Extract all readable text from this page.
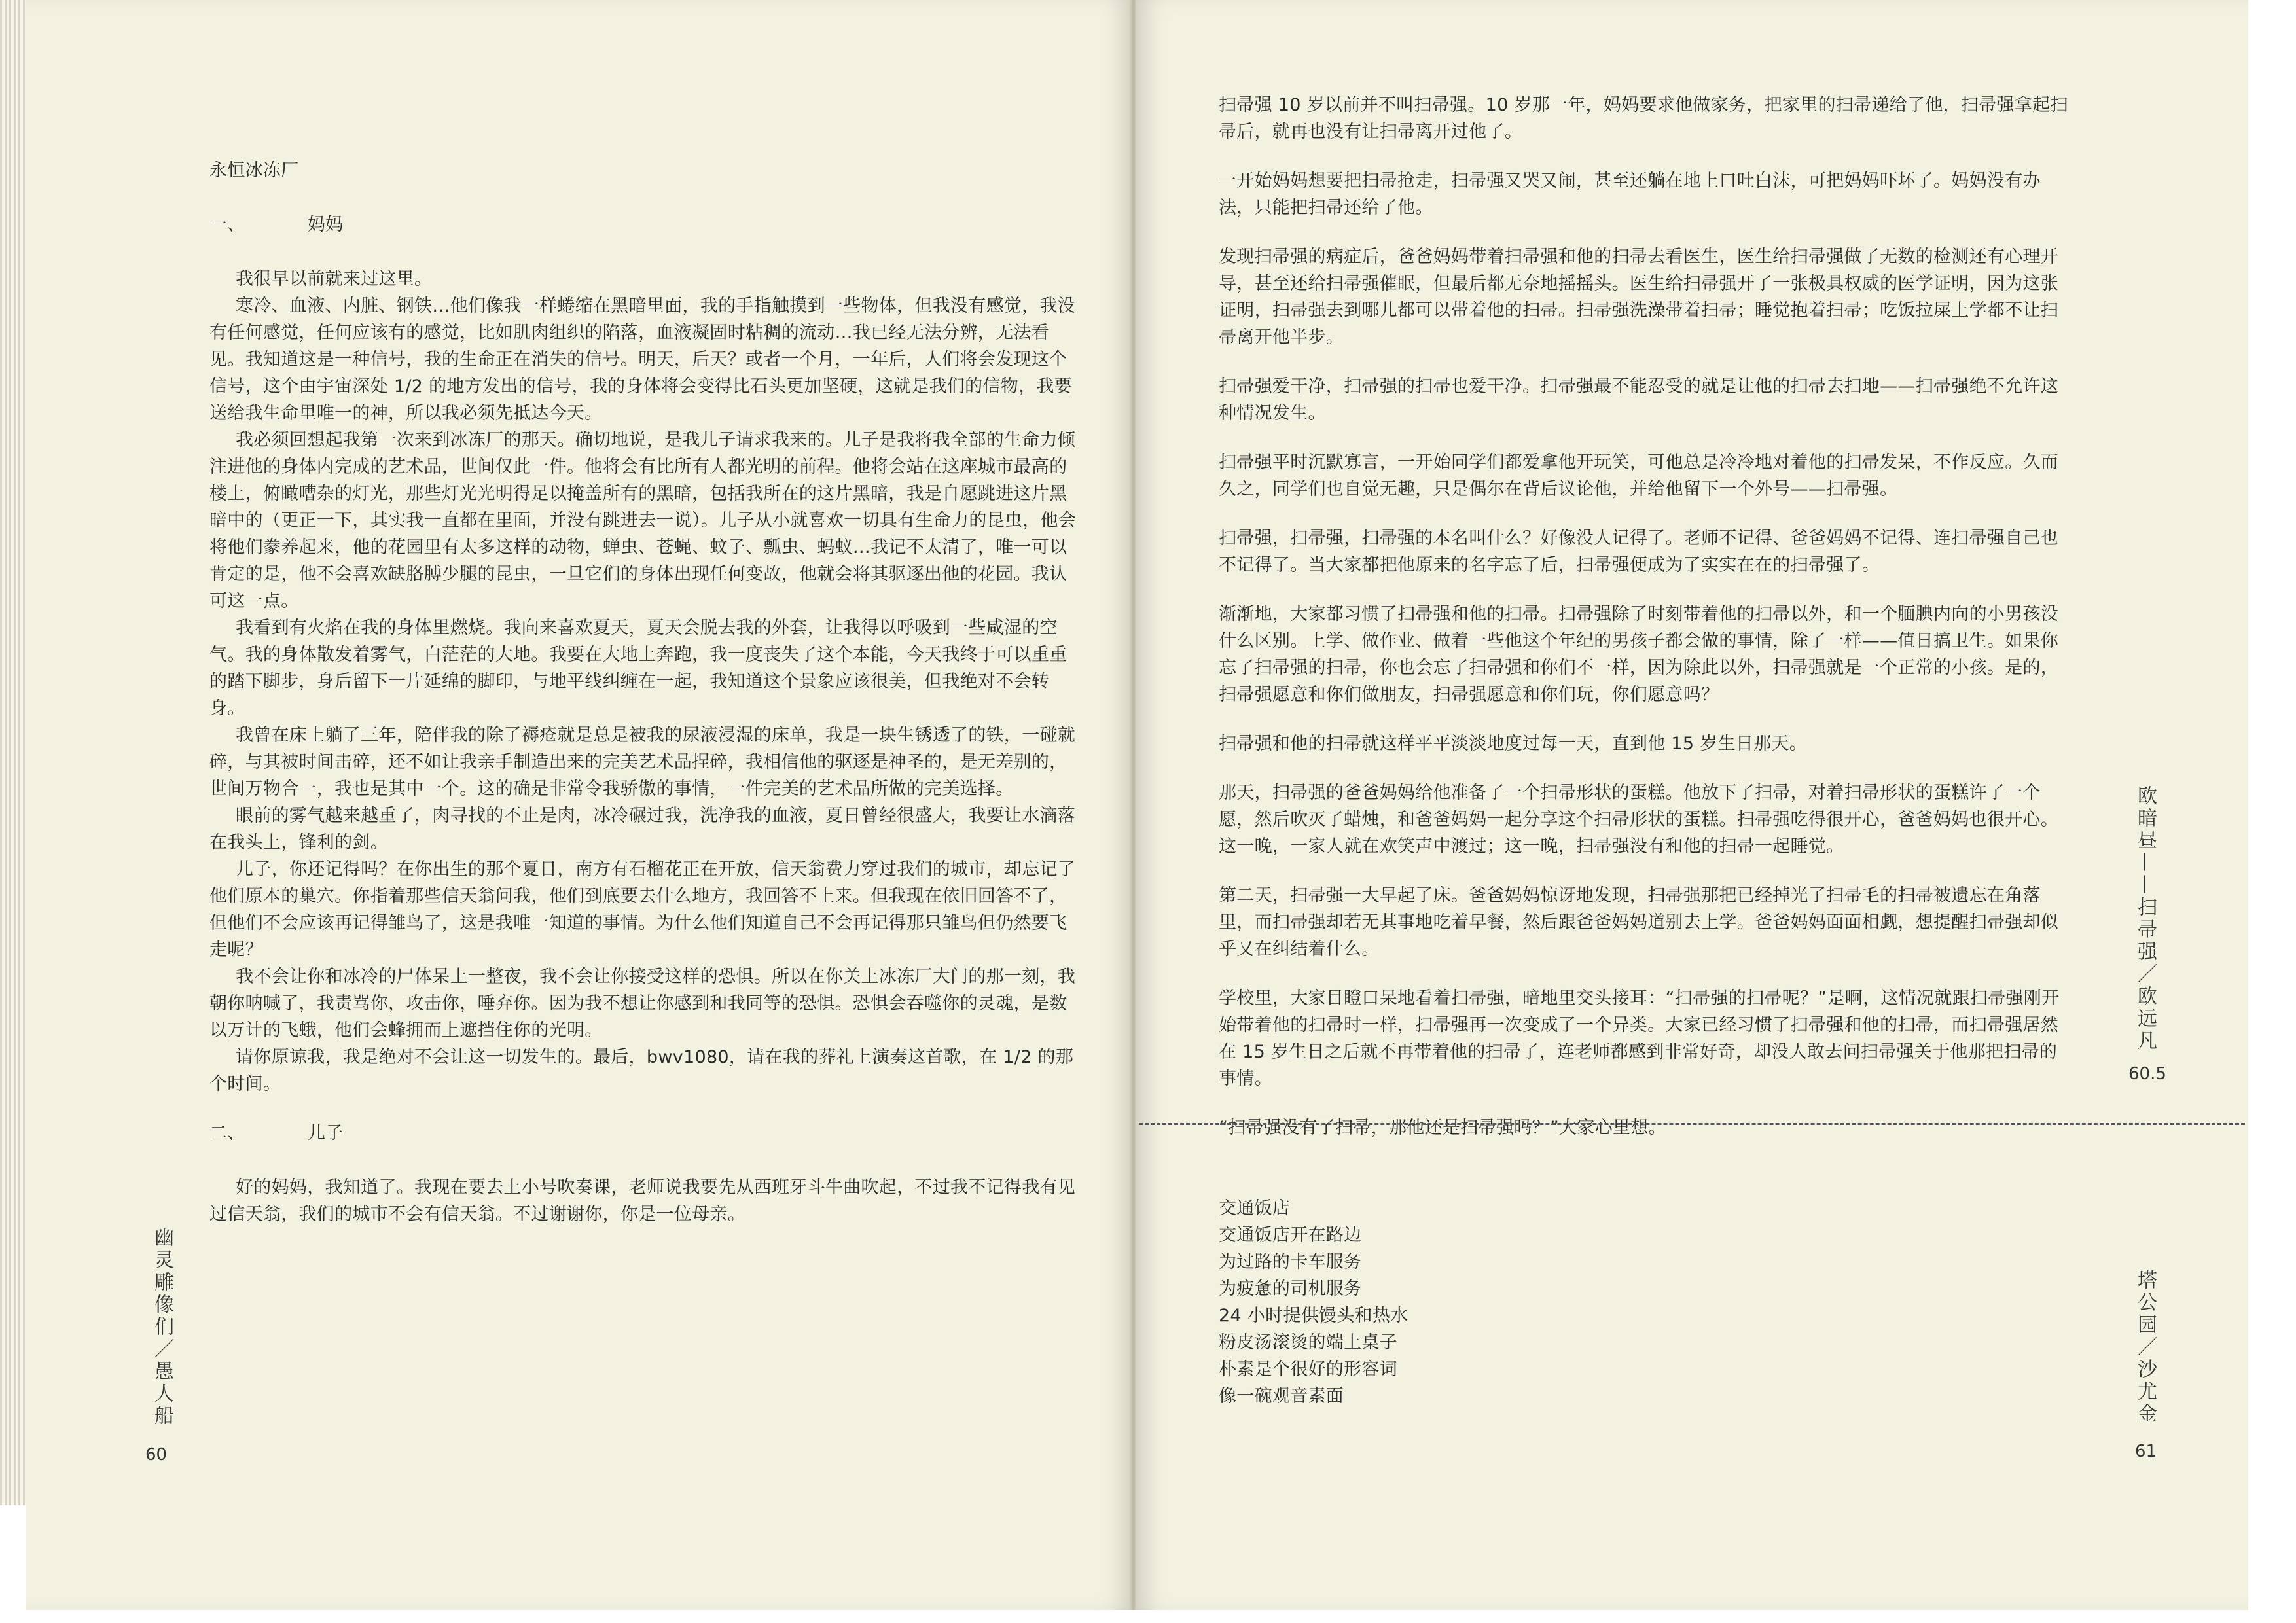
永恒冰冻厂

一、	妈妈

我很早以前就来过这里。

寒冷、血液、内脏、钢铁…他们像我一样蜷缩在黑暗里面，我的手指触摸到一些物体，但我没有感觉，我没有任何感觉，任何应该有的感觉，比如肌肉组织的陷落，血液凝固时粘稠的流动…我已经无法分辨，无法看见。我知道这是一种信号，我的生命正在消失的信号。明天，后天？或者一个月，一年后，人们将会发现这个信号，这个由宇宙深处 1/2 的地方发出的信号，我的身体将会变得比石头更加坚硬，这就是我们的信物，我要送给我生命里唯一的神，所以我必须先抵达今天。

我必须回想起我第一次来到冰冻厂的那天。确切地说，是我儿子请求我来的。儿子是我将我全部的生命力倾注进他的身体内完成的艺术品，世间仅此一件。他将会有比所有人都光明的前程。他将会站在这座城市最高的楼上，俯瞰嘈杂的灯光，那些灯光光明得足以掩盖所有的黑暗，包括我所在的这片黑暗，我是自愿跳进这片黑暗中的（更正一下，其实我一直都在里面，并没有跳进去一说）。儿子从小就喜欢一切具有生命力的昆虫，他会将他们豢养起来，他的花园里有太多这样的动物，蝉虫、苍蝇、蚊子、瓢虫、蚂蚁…我记不太清了，唯一可以肯定的是，他不会喜欢缺胳膊少腿的昆虫，一旦它们的身体出现任何变故，他就会将其驱逐出他的花园。我认可这一点。

我看到有火焰在我的身体里燃烧。我向来喜欢夏天，夏天会脱去我的外套，让我得以呼吸到一些咸湿的空气。我的身体散发着雾气，白茫茫的大地。我要在大地上奔跑，我一度丧失了这个本能，今天我终于可以重重的踏下脚步，身后留下一片延绵的脚印，与地平线纠缠在一起，我知道这个景象应该很美，但我绝对不会转身。

我曾在床上躺了三年，陪伴我的除了褥疮就是总是被我的尿液浸湿的床单，我是一块生锈透了的铁，一碰就碎，与其被时间击碎，还不如让我亲手制造出来的完美艺术品捏碎，我相信他的驱逐是神圣的，是无差别的，世间万物合一，我也是其中一个。这的确是非常令我骄傲的事情，一件完美的艺术品所做的完美选择。

眼前的雾气越来越重了，肉寻找的不止是肉，冰冷碾过我，洗净我的血液，夏日曾经很盛大，我要让水滴落在我头上，锋利的剑。

儿子，你还记得吗？在你出生的那个夏日，南方有石榴花正在开放，信天翁费力穿过我们的城市，却忘记了他们原本的巢穴。你指着那些信天翁问我，他们到底要去什么地方，我回答不上来。但我现在依旧回答不了，但他们不会应该再记得雏鸟了，这是我唯一知道的事情。为什么他们知道自己不会再记得那只雏鸟但仍然要飞走呢？

我不会让你和冰冷的尸体呆上一整夜，我不会让你接受这样的恐惧。所以在你关上冰冻厂大门的那一刻，我朝你呐喊了，我责骂你，攻击你，唾弃你。因为我不想让你感到和我同等的恐惧。恐惧会吞噬你的灵魂，是数以万计的飞蛾，他们会蜂拥而上遮挡住你的光明。

请你原谅我，我是绝对不会让这一切发生的。最后，bwv1080，请在我的葬礼上演奏这首歌，在 1/2 的那个时间。

二、	儿子

好的妈妈，我知道了。我现在要去上小号吹奏课，老师说我要先从西班牙斗牛曲吹起，不过我不记得我有见过信天翁，我们的城市不会有信天翁。不过谢谢你，你是一位母亲。

幽灵雕像们／愚人船
60

扫帚强 10 岁以前并不叫扫帚强。10 岁那一年，妈妈要求他做家务，把家里的扫帚递给了他，扫帚强拿起扫帚后，就再也没有让扫帚离开过他了。

一开始妈妈想要把扫帚抢走，扫帚强又哭又闹，甚至还躺在地上口吐白沫，可把妈妈吓坏了。妈妈没有办法，只能把扫帚还给了他。

发现扫帚强的病症后，爸爸妈妈带着扫帚强和他的扫帚去看医生，医生给扫帚强做了无数的检测还有心理开导，甚至还给扫帚强催眠，但最后都无奈地摇摇头。医生给扫帚强开了一张极具权威的医学证明，因为这张证明，扫帚强去到哪儿都可以带着他的扫帚。扫帚强洗澡带着扫帚；睡觉抱着扫帚；吃饭拉屎上学都不让扫帚离开他半步。

扫帚强爱干净，扫帚强的扫帚也爱干净。扫帚强最不能忍受的就是让他的扫帚去扫地——扫帚强绝不允许这种情况发生。

扫帚强平时沉默寡言，一开始同学们都爱拿他开玩笑，可他总是冷冷地对着他的扫帚发呆，不作反应。久而久之，同学们也自觉无趣，只是偶尔在背后议论他，并给他留下一个外号——扫帚强。

扫帚强，扫帚强，扫帚强的本名叫什么？好像没人记得了。老师不记得、爸爸妈妈不记得、连扫帚强自己也不记得了。当大家都把他原来的名字忘了后，扫帚强便成为了实实在在的扫帚强了。

渐渐地，大家都习惯了扫帚强和他的扫帚。扫帚强除了时刻带着他的扫帚以外，和一个腼腆内向的小男孩没什么区别。上学、做作业、做着一些他这个年纪的男孩子都会做的事情，除了一样——值日搞卫生。如果你忘了扫帚强的扫帚，你也会忘了扫帚强和你们不一样，因为除此以外，扫帚强就是一个正常的小孩。是的，扫帚强愿意和你们做朋友，扫帚强愿意和你们玩，你们愿意吗？

扫帚强和他的扫帚就这样平平淡淡地度过每一天，直到他 15 岁生日那天。

那天，扫帚强的爸爸妈妈给他准备了一个扫帚形状的蛋糕。他放下了扫帚，对着扫帚形状的蛋糕许了一个愿，然后吹灭了蜡烛，和爸爸妈妈一起分享这个扫帚形状的蛋糕。扫帚强吃得很开心，爸爸妈妈也很开心。这一晚，一家人就在欢笑声中渡过；这一晚，扫帚强没有和他的扫帚一起睡觉。

第二天，扫帚强一大早起了床。爸爸妈妈惊讶地发现，扫帚强那把已经掉光了扫帚毛的扫帚被遗忘在角落里，而扫帚强却若无其事地吃着早餐，然后跟爸爸妈妈道别去上学。爸爸妈妈面面相觑，想提醒扫帚强却似乎又在纠结着什么。

学校里，大家目瞪口呆地看着扫帚强，暗地里交头接耳：“扫帚强的扫帚呢？”是啊，这情况就跟扫帚强刚开始带着他的扫帚时一样，扫帚强再一次变成了一个异类。大家已经习惯了扫帚强和他的扫帚，而扫帚强居然在 15 岁生日之后就不再带着他的扫帚了，连老师都感到非常好奇，却没人敢去问扫帚强关于他那把扫帚的事情。

“扫帚强没有了扫帚，那他还是扫帚强吗？”大家心里想。

交通饭店
交通饭店开在路边
为过路的卡车服务
为疲惫的司机服务
24 小时提供馒头和热水
粉皮汤滚烫的端上桌子
朴素是个很好的形容词
像一碗观音素面
欧暗昼——扫帚强／欧远凡
60.5
塔公园／沙尤金
61
